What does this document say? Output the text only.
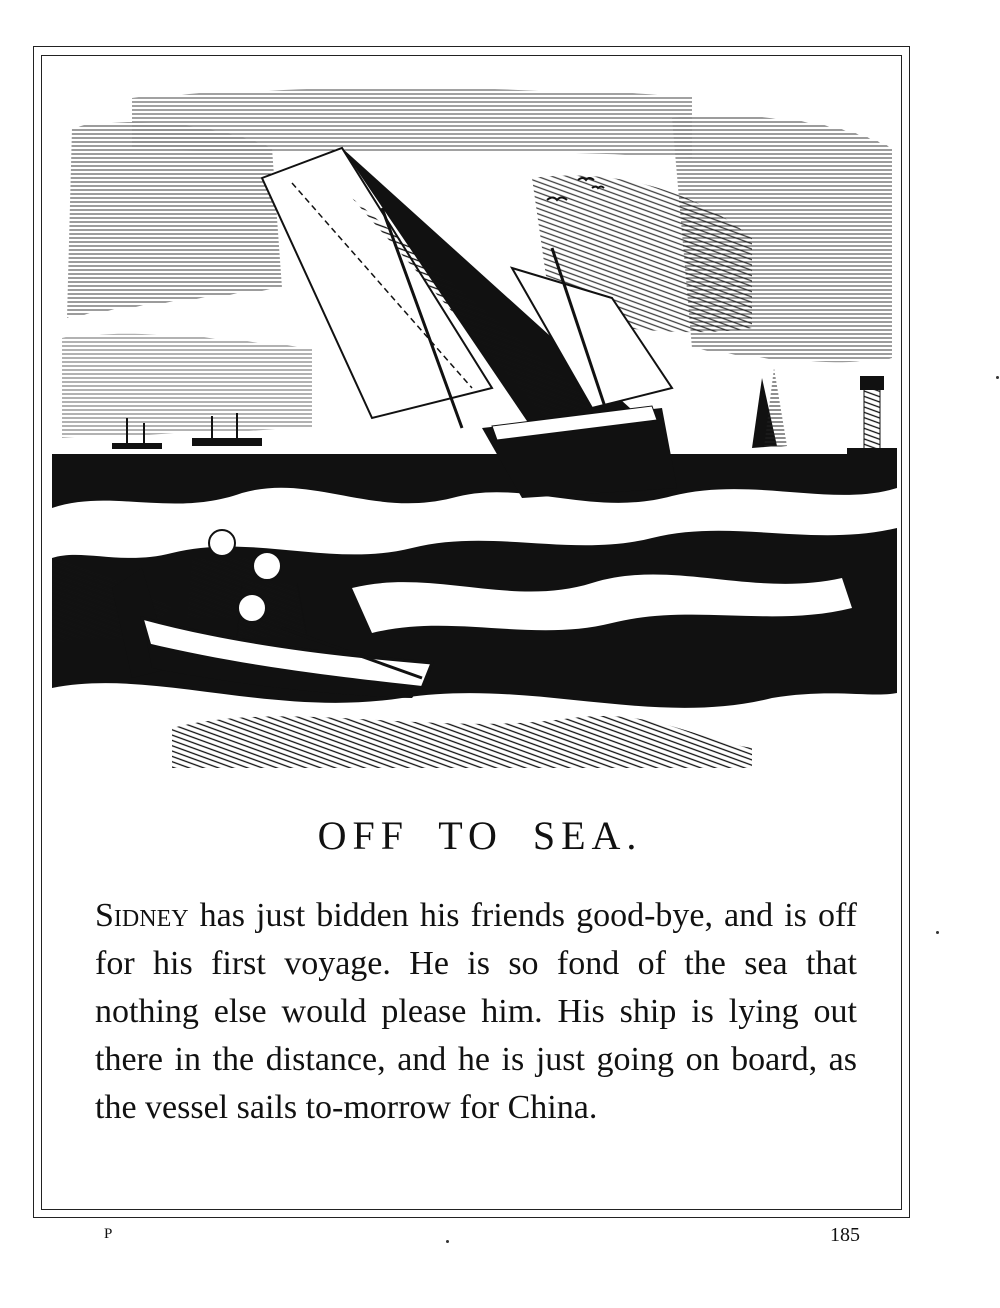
OFF TO SEA.
Sidney has just bidden his friends good-bye, and is off for his first voyage. He is so fond of the sea that nothing else would please him. His ship is lying out there in the distance, and he is just going on board, as the vessel sails to-morrow for China.
P	185
